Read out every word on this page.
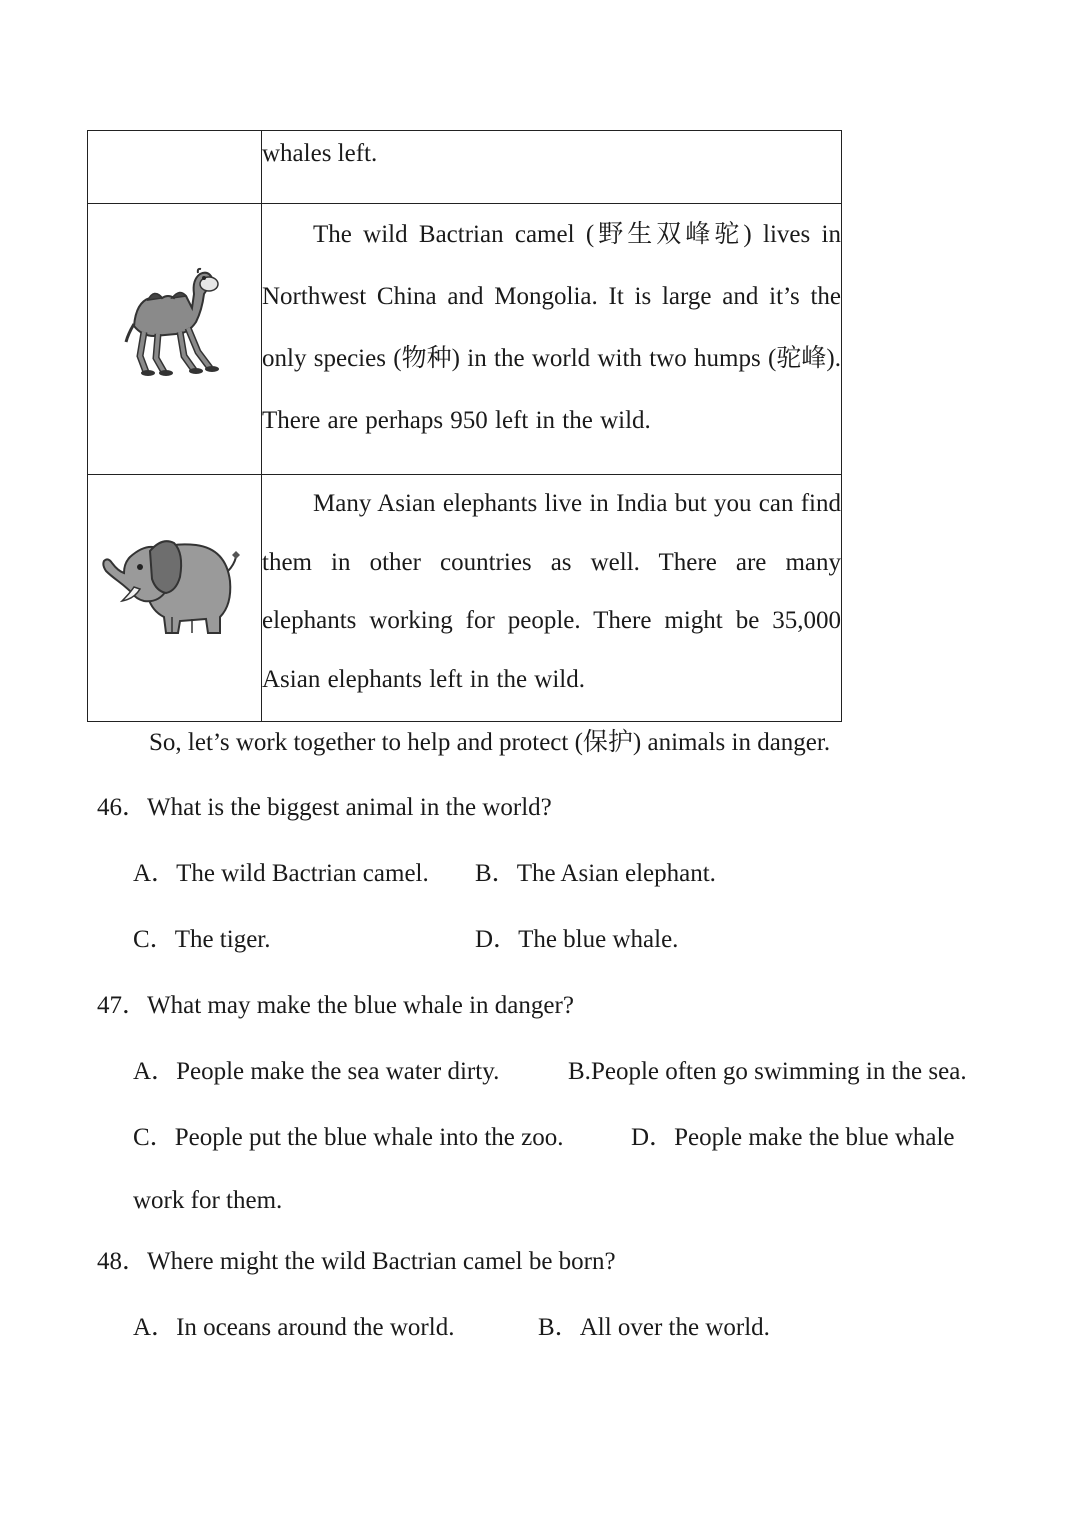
	whales left.

The wild Bactrian camel (野生双峰驼) lives in Northwest China and Mongolia. It is large and it’s the only species (物种) in the world with two humps (驼峰). There are perhaps 950 left in the wild.

Many Asian elephants live in India but you can find them in other countries as well. There are many elephants working for people. There might be 35,000 Asian elephants left in the wild.
So, let’s work together to help and protect (保护) animals in danger.
46．What is the biggest animal in the world?
A．The wild Bactrian camel. B．The Asian elephant.
C．The tiger.	D．The blue whale.
47．What may make the blue whale in danger?
A．People make the sea water dirty.	B.People often go swimming in the sea.
C．People put the blue whale into the zoo.	D．People make the blue whale
work for them.
48．Where might the wild Bactrian camel be born?
A．In oceans around the world.	B．All over the world.
